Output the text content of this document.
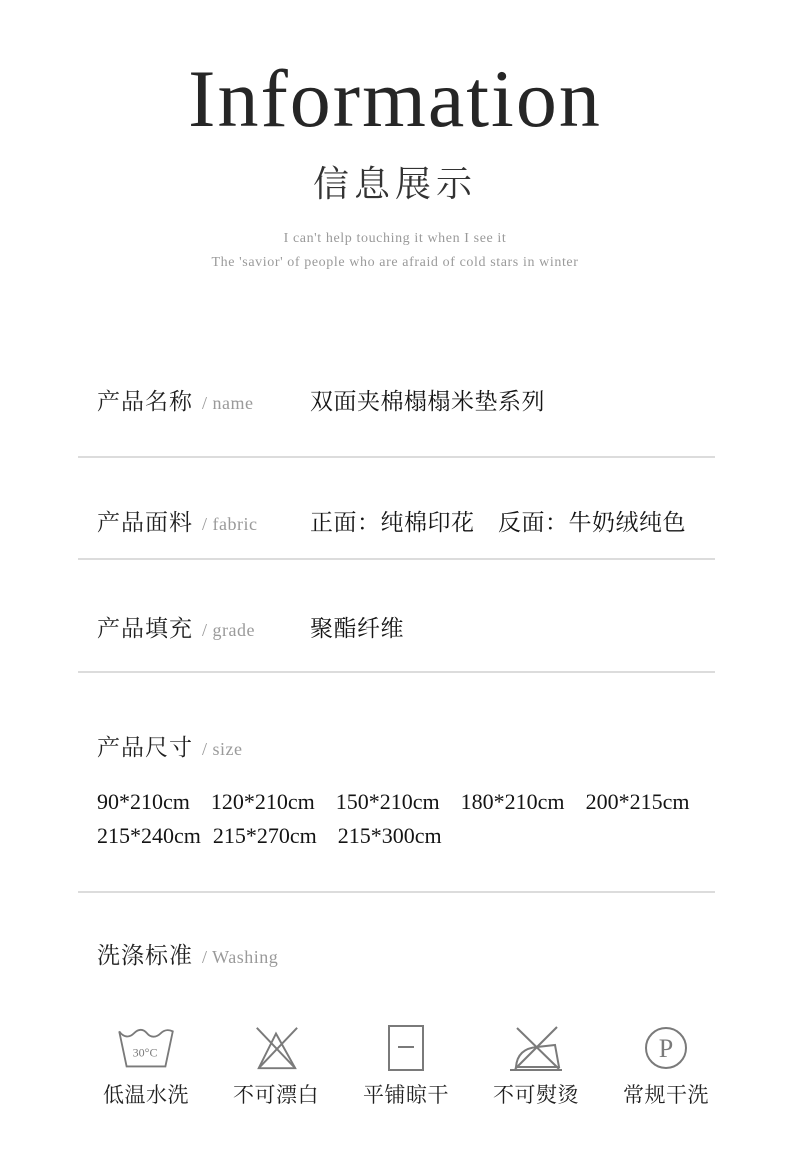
Information
信息展示

I can't help touching it when I see it

The 'savior' of people who are afraid of cold stars in winter

产品名称 / name 双面夹棉榻榻米垫系列
产品面料 / fabric 正面：纯棉印花　反面：牛奶绒纯色
产品填充 / grade 聚酯纤维
产品尺寸 / size
90*210cm 120*210cm 150*210cm 180*210cm 200*215cm
215*240cm 215*270cm 215*300cm
洗涤标准 / Washing
30°C
低温水洗 不可漂白 平铺晾干 不可熨烫
P
常规干洗
